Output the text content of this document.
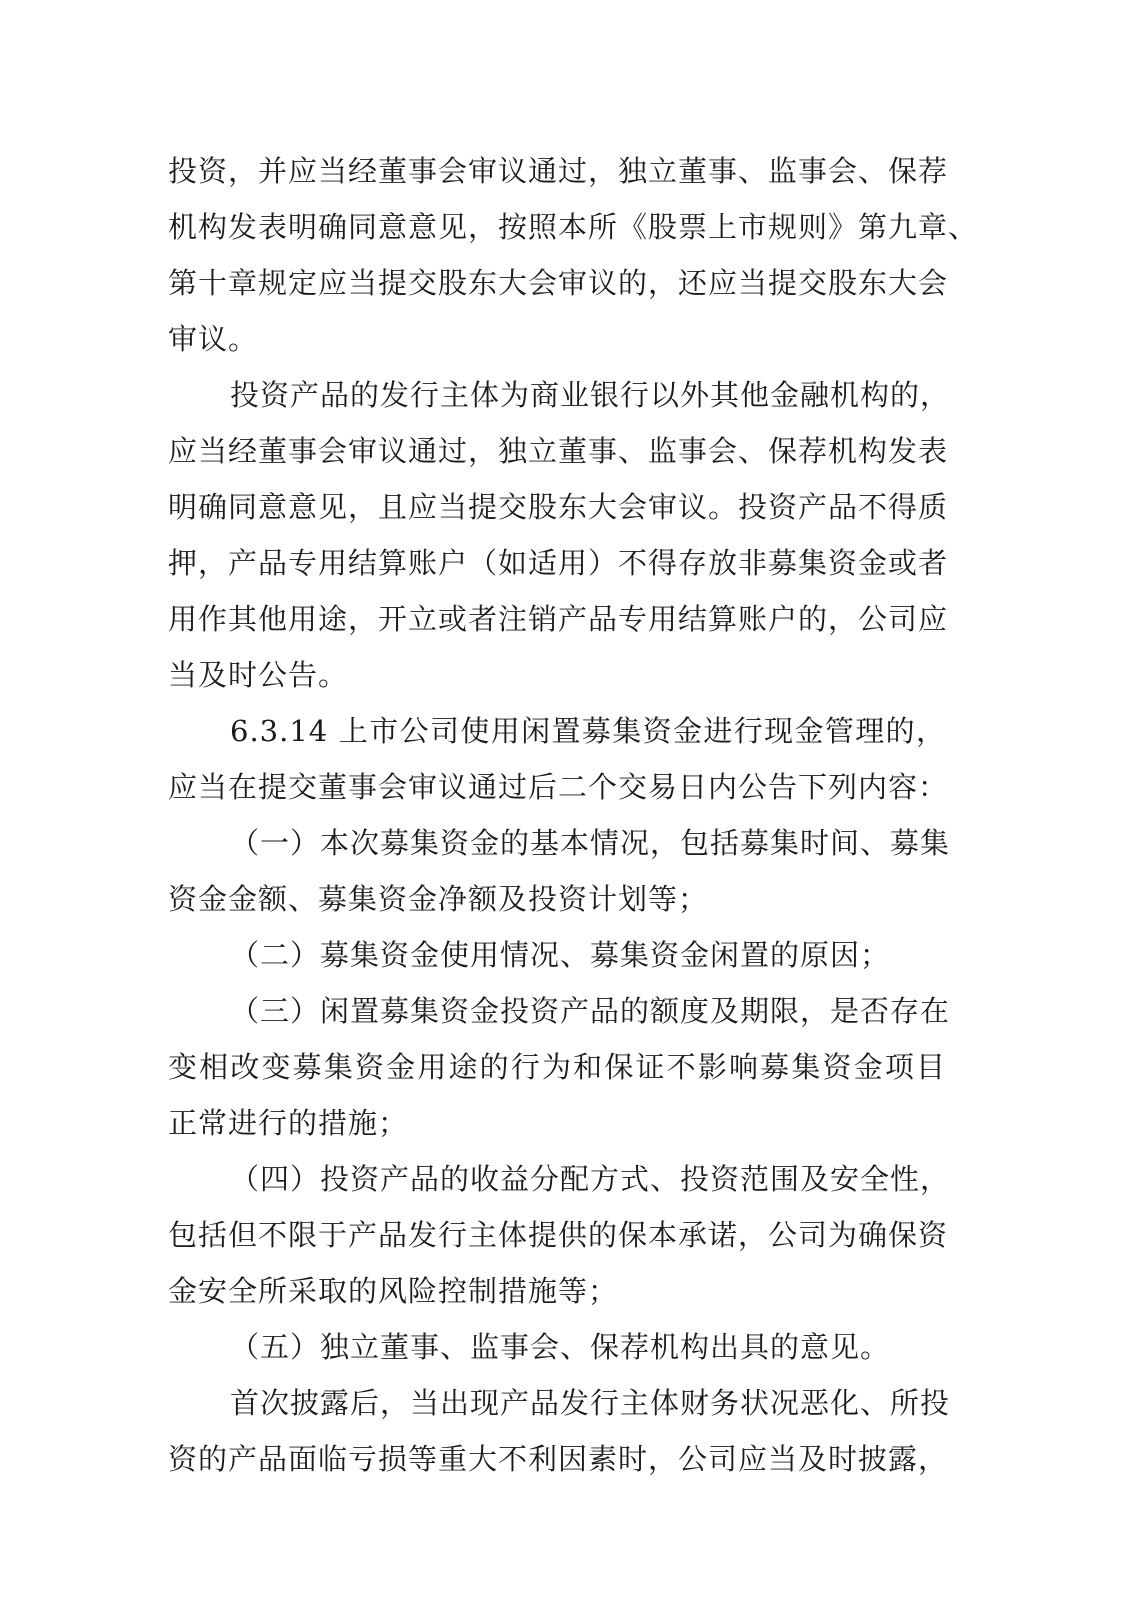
投资，并应当经董事会审议通过，独立董事、监事会、保荐
机构发表明确同意意见，按照本所《股票上市规则》第九章、
第十章规定应当提交股东大会审议的，还应当提交股东大会
审议。
投资产品的发行主体为商业银行以外其他金融机构的，
应当经董事会审议通过，独立董事、监事会、保荐机构发表
明确同意意见，且应当提交股东大会审议。投资产品不得质
押，产品专用结算账户（如适用）不得存放非募集资金或者
用作其他用途，开立或者注销产品专用结算账户的，公司应
当及时公告。
6.3.14 上市公司使用闲置募集资金进行现金管理的，
应当在提交董事会审议通过后二个交易日内公告下列内容：
（一）本次募集资金的基本情况，包括募集时间、募集
资金金额、募集资金净额及投资计划等；
（二）募集资金使用情况、募集资金闲置的原因；
（三）闲置募集资金投资产品的额度及期限，是否存在
变相改变募集资金用途的行为和保证不影响募集资金项目
正常进行的措施；
（四）投资产品的收益分配方式、投资范围及安全性，
包括但不限于产品发行主体提供的保本承诺，公司为确保资
金安全所采取的风险控制措施等；
（五）独立董事、监事会、保荐机构出具的意见。
首次披露后，当出现产品发行主体财务状况恶化、所投
资的产品面临亏损等重大不利因素时，公司应当及时披露，
